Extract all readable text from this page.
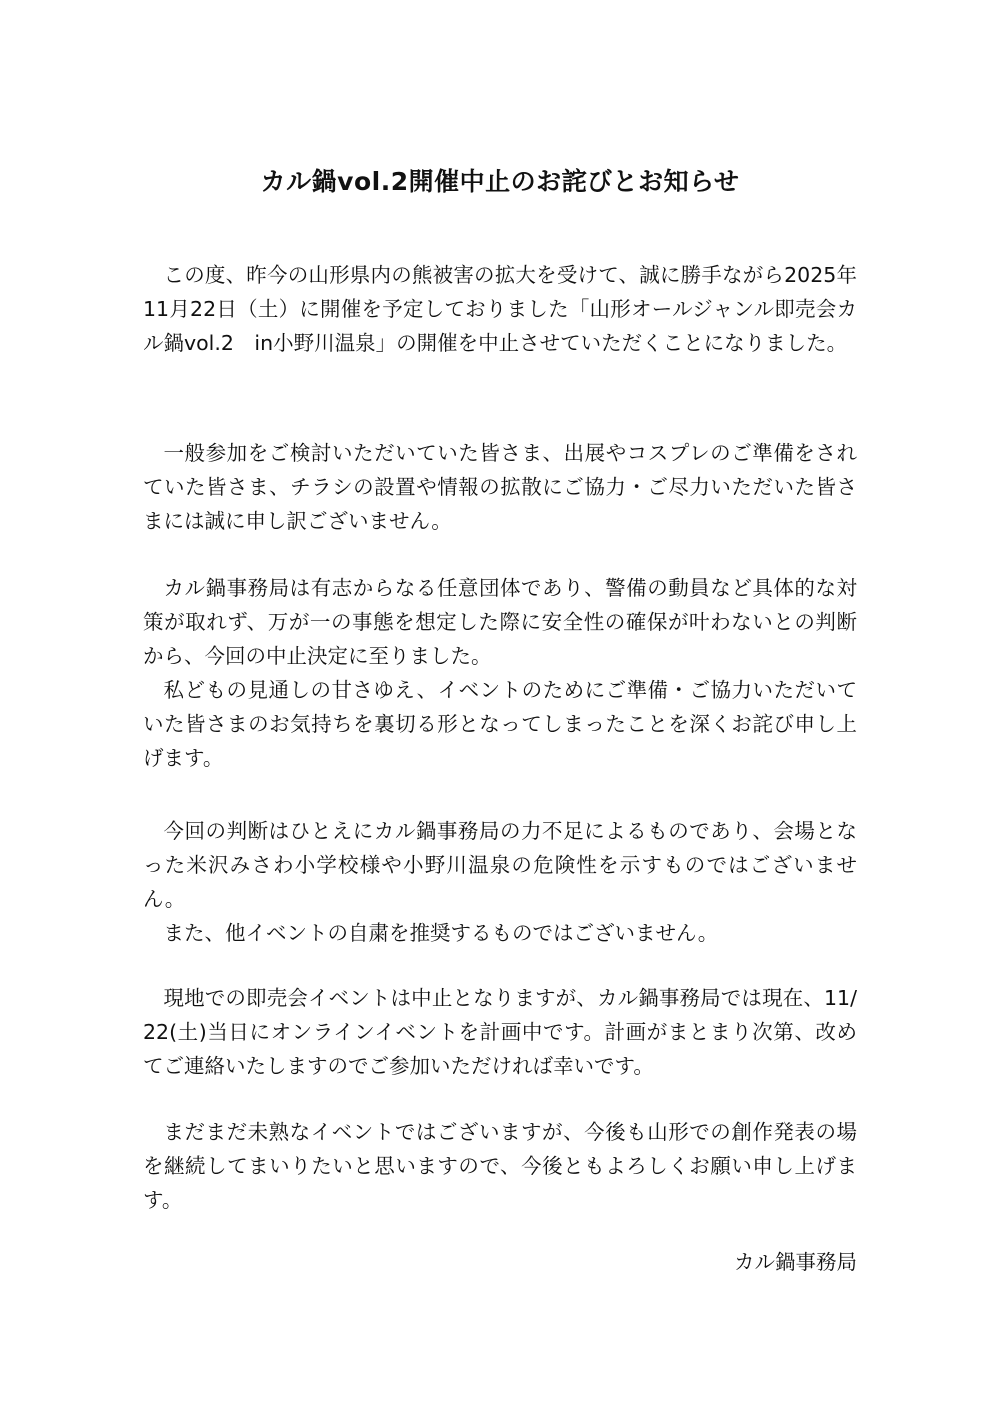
カル鍋vol.2開催中止のお詫びとお知らせ
この度、昨今の山形県内の熊被害の拡大を受けて、誠に勝手ながら2025年11月22日（土）に開催を予定しておりました「山形オールジャンル即売会カル鍋vol.2　in小野川温泉」の開催を中止させていただくことになりました。
一般参加をご検討いただいていた皆さま、出展やコスプレのご準備をされていた皆さま、チラシの設置や情報の拡散にご協力・ご尽力いただいた皆さまには誠に申し訳ございません。
カル鍋事務局は有志からなる任意団体であり、警備の動員など具体的な対策が取れず、万が一の事態を想定した際に安全性の確保が叶わないとの判断から、今回の中止決定に至りました。
私どもの見通しの甘さゆえ、イベントのためにご準備・ご協力いただいていた皆さまのお気持ちを裏切る形となってしまったことを深くお詫び申し上げます。
今回の判断はひとえにカル鍋事務局の力不足によるものであり、会場となった米沢みさわ小学校様や小野川温泉の危険性を示すものではございません。
また、他イベントの自粛を推奨するものではございません。
現地での即売会イベントは中止となりますが、カル鍋事務局では現在、11/22(土)当日にオンラインイベントを計画中です。計画がまとまり次第、改めてご連絡いたしますのでご参加いただければ幸いです。
まだまだ未熟なイベントではございますが、今後も山形での創作発表の場を継続してまいりたいと思いますので、今後ともよろしくお願い申し上げます。
カル鍋事務局
